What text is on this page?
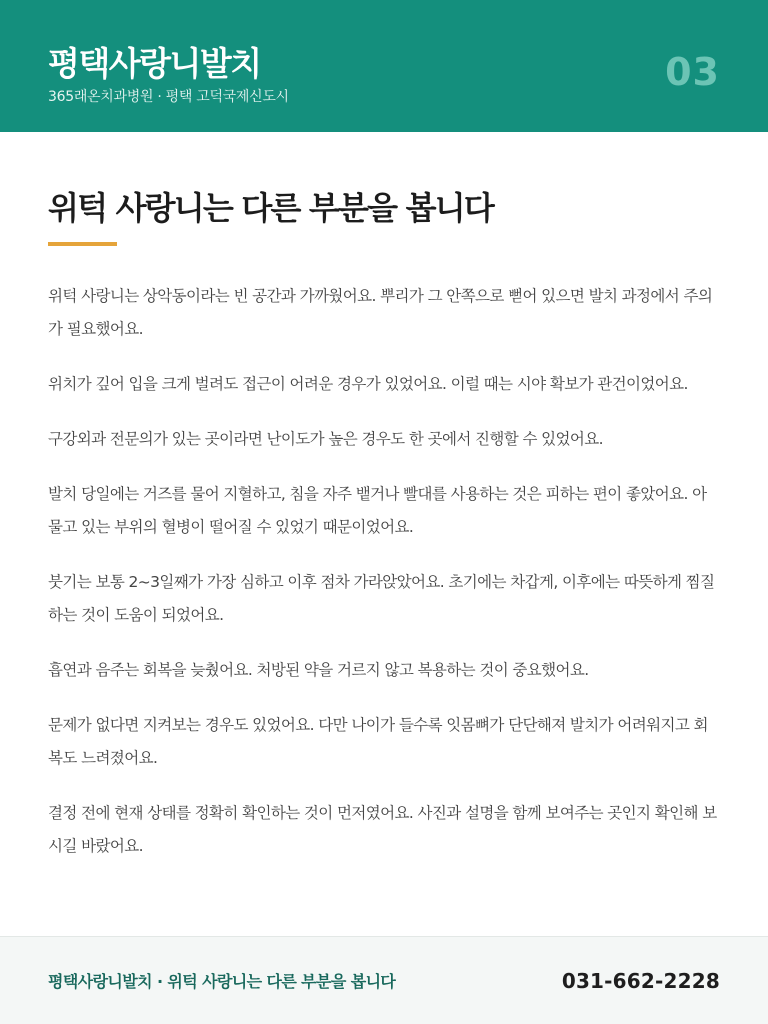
평택사랑니발치
365래온치과병원 · 평택 고덕국제신도시
03
위턱 사랑니는 다른 부분을 봅니다

위턱 사랑니는 상악동이라는 빈 공간과 가까웠어요. 뿌리가 그 안쪽으로 뻗어 있으면 발치 과정에서 주의가 필요했어요.

위치가 깊어 입을 크게 벌려도 접근이 어려운 경우가 있었어요. 이럴 때는 시야 확보가 관건이었어요.

구강외과 전문의가 있는 곳이라면 난이도가 높은 경우도 한 곳에서 진행할 수 있었어요.

발치 당일에는 거즈를 물어 지혈하고, 침을 자주 뱉거나 빨대를 사용하는 것은 피하는 편이 좋았어요. 아물고 있는 부위의 혈병이 떨어질 수 있었기 때문이었어요.

붓기는 보통 2~3일째가 가장 심하고 이후 점차 가라앉았어요. 초기에는 차갑게, 이후에는 따뜻하게 찜질하는 것이 도움이 되었어요.

흡연과 음주는 회복을 늦췄어요. 처방된 약을 거르지 않고 복용하는 것이 중요했어요.

문제가 없다면 지켜보는 경우도 있었어요. 다만 나이가 들수록 잇몸뼈가 단단해져 발치가 어려워지고 회복도 느려졌어요.

결정 전에 현재 상태를 정확히 확인하는 것이 먼저였어요. 사진과 설명을 함께 보여주는 곳인지 확인해 보시길 바랐어요.

평택사랑니발치 · 위턱 사랑니는 다른 부분을 봅니다	031-662-2228
